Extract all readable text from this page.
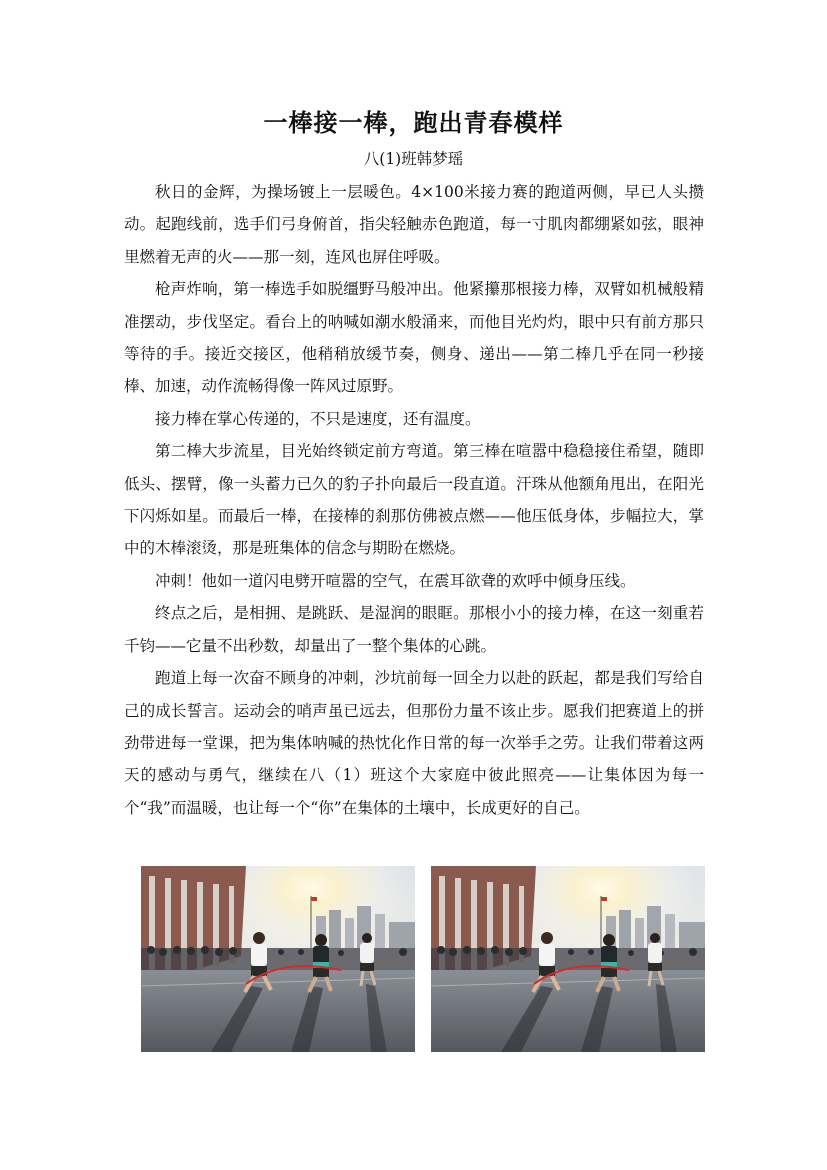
一棒接一棒，跑出青春模样
八(1)班韩梦瑶

秋日的金辉，为操场镀上一层暖色。4×100米接力赛的跑道两侧，早已人头攒动。起跑线前，选手们弓身俯首，指尖轻触赤色跑道，每一寸肌肉都绷紧如弦，眼神里燃着无声的火——那一刻，连风也屏住呼吸。

枪声炸响，第一棒选手如脱缰野马般冲出。他紧攥那根接力棒，双臂如机械般精准摆动，步伐坚定。看台上的呐喊如潮水般涌来，而他目光灼灼，眼中只有前方那只等待的手。接近交接区，他稍稍放缓节奏，侧身、递出——第二棒几乎在同一秒接棒、加速，动作流畅得像一阵风过原野。

接力棒在掌心传递的，不只是速度，还有温度。

第二棒大步流星，目光始终锁定前方弯道。第三棒在喧嚣中稳稳接住希望，随即低头、摆臂，像一头蓄力已久的豹子扑向最后一段直道。汗珠从他额角甩出，在阳光下闪烁如星。而最后一棒，在接棒的刹那仿佛被点燃——他压低身体，步幅拉大，掌中的木棒滚烫，那是班集体的信念与期盼在燃烧。

冲刺！他如一道闪电劈开喧嚣的空气，在震耳欲聋的欢呼中倾身压线。

终点之后，是相拥、是跳跃、是湿润的眼眶。那根小小的接力棒，在这一刻重若千钧——它量不出秒数，却量出了一整个集体的心跳。

跑道上每一次奋不顾身的冲刺，沙坑前每一回全力以赴的跃起，都是我们写给自己的成长誓言。运动会的哨声虽已远去，但那份力量不该止步。愿我们把赛道上的拼劲带进每一堂课，把为集体呐喊的热忱化作日常的每一次举手之劳。让我们带着这两天的感动与勇气，继续在八（1）班这个大家庭中彼此照亮——让集体因为每一个“我”而温暖，也让每一个“你”在集体的土壤中，长成更好的自己。
